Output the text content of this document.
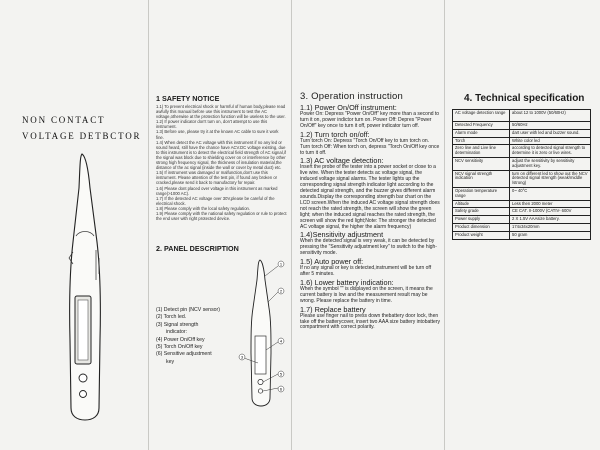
NON CONTACT
VOLTAGE DETBCTOR
1 SAFETY NOTICE
1.1) To prevent electrical shock or harmful of human body,please read awfully this manual before use this instrument to test the AC voltage,otherwise at the protection function will be useless to the user.
1.2) If power indicator don't turn on, don't attempt to use this instrument.
1.3) Before use, please try it at the known AC cable to sure it work fine.
1.4) When detect the AC voltage with this instrument if no any led or sound heard, still have the chance have ACV.DC voltage existing, due to this instrument is to detect the electrical field strength of AC signal,if the signal was block due to shielding cover on or interference by other strong high frequency signal, the thickness of insulation material,the distance of the ac signal (inside the wall or cover by metal duct) etc.
1.5) If instrument was damaged or malfunction,don't use this instrument. Please attention of the test pin, if found any broken or cracked,please send it back to manufactory for repair.
1.6) Please dont placed over voltage in this instrument as marked range(>1000 AC).
1.7) If the detected AC voltage over 30V,please be careful of the electrical shock.
1.8) Please comply with the local safety regulation.
1.9) Please comply with the national safety regulation or rule to protect the end user with right protected device.
2. PANEL DESCRIPTION
(1) Detect pin (NCV sensor)
(2) Torch led.
(3) Signal strength
indicator:
(4) Power On/Off key
(5) Torch On/Off key
(6) Sensitive adjustment
key
1
2
4
5
6
3
3. Operation instruction
1.1) Power On/Off instrument:
Power On: Depress "Power On/Off" key more than a second to turn it on, power indictor turn on. Power Off: Depres "Power On/Off" key once to turn it off, power indicator turn off.
1.2) Turn torch on/off:
Turn torch On: Depress "Torch On/Off key to turn torch on. Turn torch Off: When torch on, depress "Torch On/Off key once to turn it off.
1.3) AC voltage detection:
Insert the probe of the tester into a power socket or close to a live wire. When the tester detects ac voltage signal, the induced voltage signal alarms. The tester lights up the corresponding signal strength indicator light according to the detected signal strength, and the buzzer gives different alarm sounds.Display the corresponding strength bar chart on the LCD screen.When the induced AC voltage signal strength does not reach the rated strength, the screen will show the green light; when the induced signal reaches the rated strength, the screen will show the red light;Note: The stronger the detected AC voltage signal, the higher the alarm frequency)
1.4)Sensitivity adjustment
When the detected signal is very weak, it can be detected by pressing the "Sensitivity adjustment key" to switch to the high-sensitivity mode.
1.5) Auto power off:
If no any signal or key is detected,instrument will be turn off after 5 minutes.
1.6) Lower battery indication:
When the symbol "" is displayed on the screen, it means the current battery is low and the measurement result may be wrong. Please replace the battery in time.
1.7) Replace battery
Please use finger nail to press down thebattery door lock, then take off the batterycover, insert two AAA size battery intobattery compartment with correct polarity.
4. Technical specification
AC voltage detection range	about 12 to 1000V (50/60Hz)
Detected Frequency	50/60Hz
Alarm mode	dart user with led and buzzer sound.
Torch	White color led
Zero line and Live line determination	according to detected signal strength to determine it is zero or live wires.
NCV sensitivity	adjust the sensitivity by sensitivity adjustment key.
NCV signal strength indication	turn on different led to show out the NCV detected signal strength (weak/middle /strong)
Operation temperature range	0~ 40°C
Altitude	Less then 2000 meter
Safety grade	CE CAT. II-1000V (CATIV- 600V
Power supply	2 X 1.5V AAAsize battery.
Product dimension	174x34x20mm
Product weight	50 gram
